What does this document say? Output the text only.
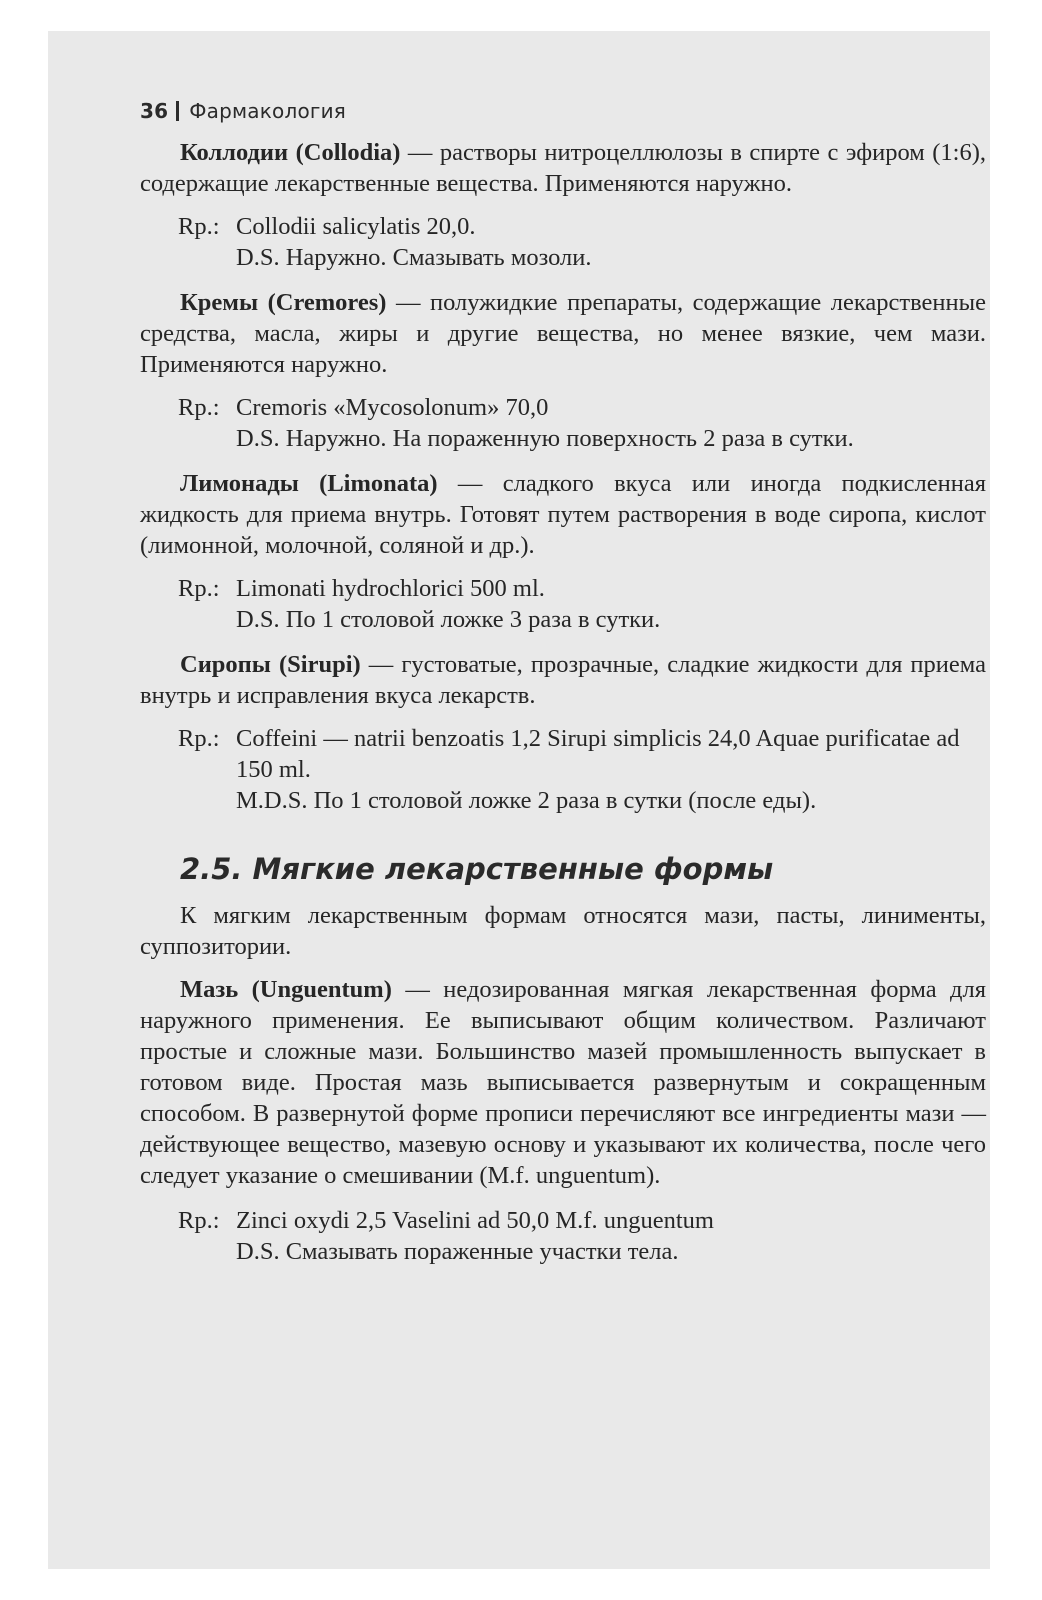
36 Фармакология

Коллодии (Collodia) — растворы нитроцеллюлозы в спирте с эфиром (1:6), содержащие лекарственные вещества. Применяются наружно.

Rp.: Collodii salicylatis 20,0.
D.S. Наружно. Смазывать мозоли.

Кремы (Cremores) — полужидкие препараты, содержащие лекарственные средства, масла, жиры и другие вещества, но менее вязкие, чем мази. Применяются наружно.

Rp.: Cremoris «Mycosolonum» 70,0
D.S. Наружно. На пораженную поверхность 2 раза в сутки.

Лимонады (Limonata) — сладкого вкуса или иногда подкисленная жидкость для приема внутрь. Готовят путем растворения в воде сиропа, кислот (лимонной, молочной, соляной и др.).

Rp.: Limonati hydrochlorici 500 ml.
D.S. По 1 столовой ложке 3 раза в сутки.

Сиропы (Sirupi) — густоватые, прозрачные, сладкие жидкости для приема внутрь и исправления вкуса лекарств.

Rp.: Coffeini — natrii benzoatis 1,2 Sirupi simplicis 24,0 Aquae purificatae ad 150 ml.
M.D.S. По 1 столовой ложке 2 раза в сутки (после еды).
2.5. Мягкие лекарственные формы

К мягким лекарственным формам относятся мази, пасты, линименты, суппозитории.

Мазь (Unguentum) — недозированная мягкая лекарственная форма для наружного применения. Ее выписывают общим количеством. Различают простые и сложные мази. Большинство мазей промышленность выпускает в готовом виде. Простая мазь выписывается развернутым и сокращенным способом. В развернутой форме прописи перечисляют все ингредиенты мази — действующее вещество, мазевую основу и указывают их количества, после чего следует указание о смешивании (M.f. unguentum).

Rp.: Zinci oxydi 2,5 Vaselini ad 50,0 M.f. unguentum
D.S. Смазывать пораженные участки тела.
